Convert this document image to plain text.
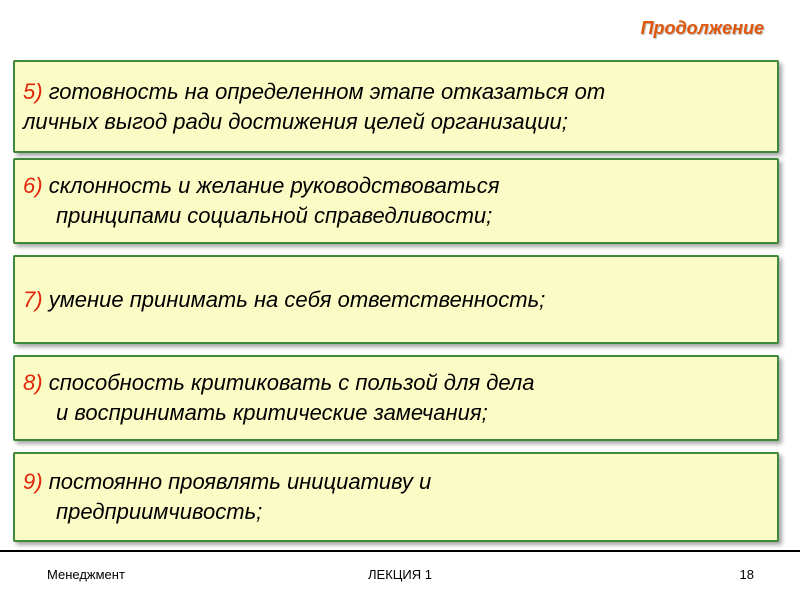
Продолжение
5) готовность на определенном этапе отказаться от
личных выгод ради достижения целей организации;
6) склонность и желание руководствоваться
принципами социальной справедливости;
7) умение принимать на себя ответственность;
8) способность критиковать с пользой для дела
и воспринимать критические замечания;
9) постоянно проявлять инициативу и
предприимчивость;
Менеджмент	ЛЕКЦИЯ 1	18
